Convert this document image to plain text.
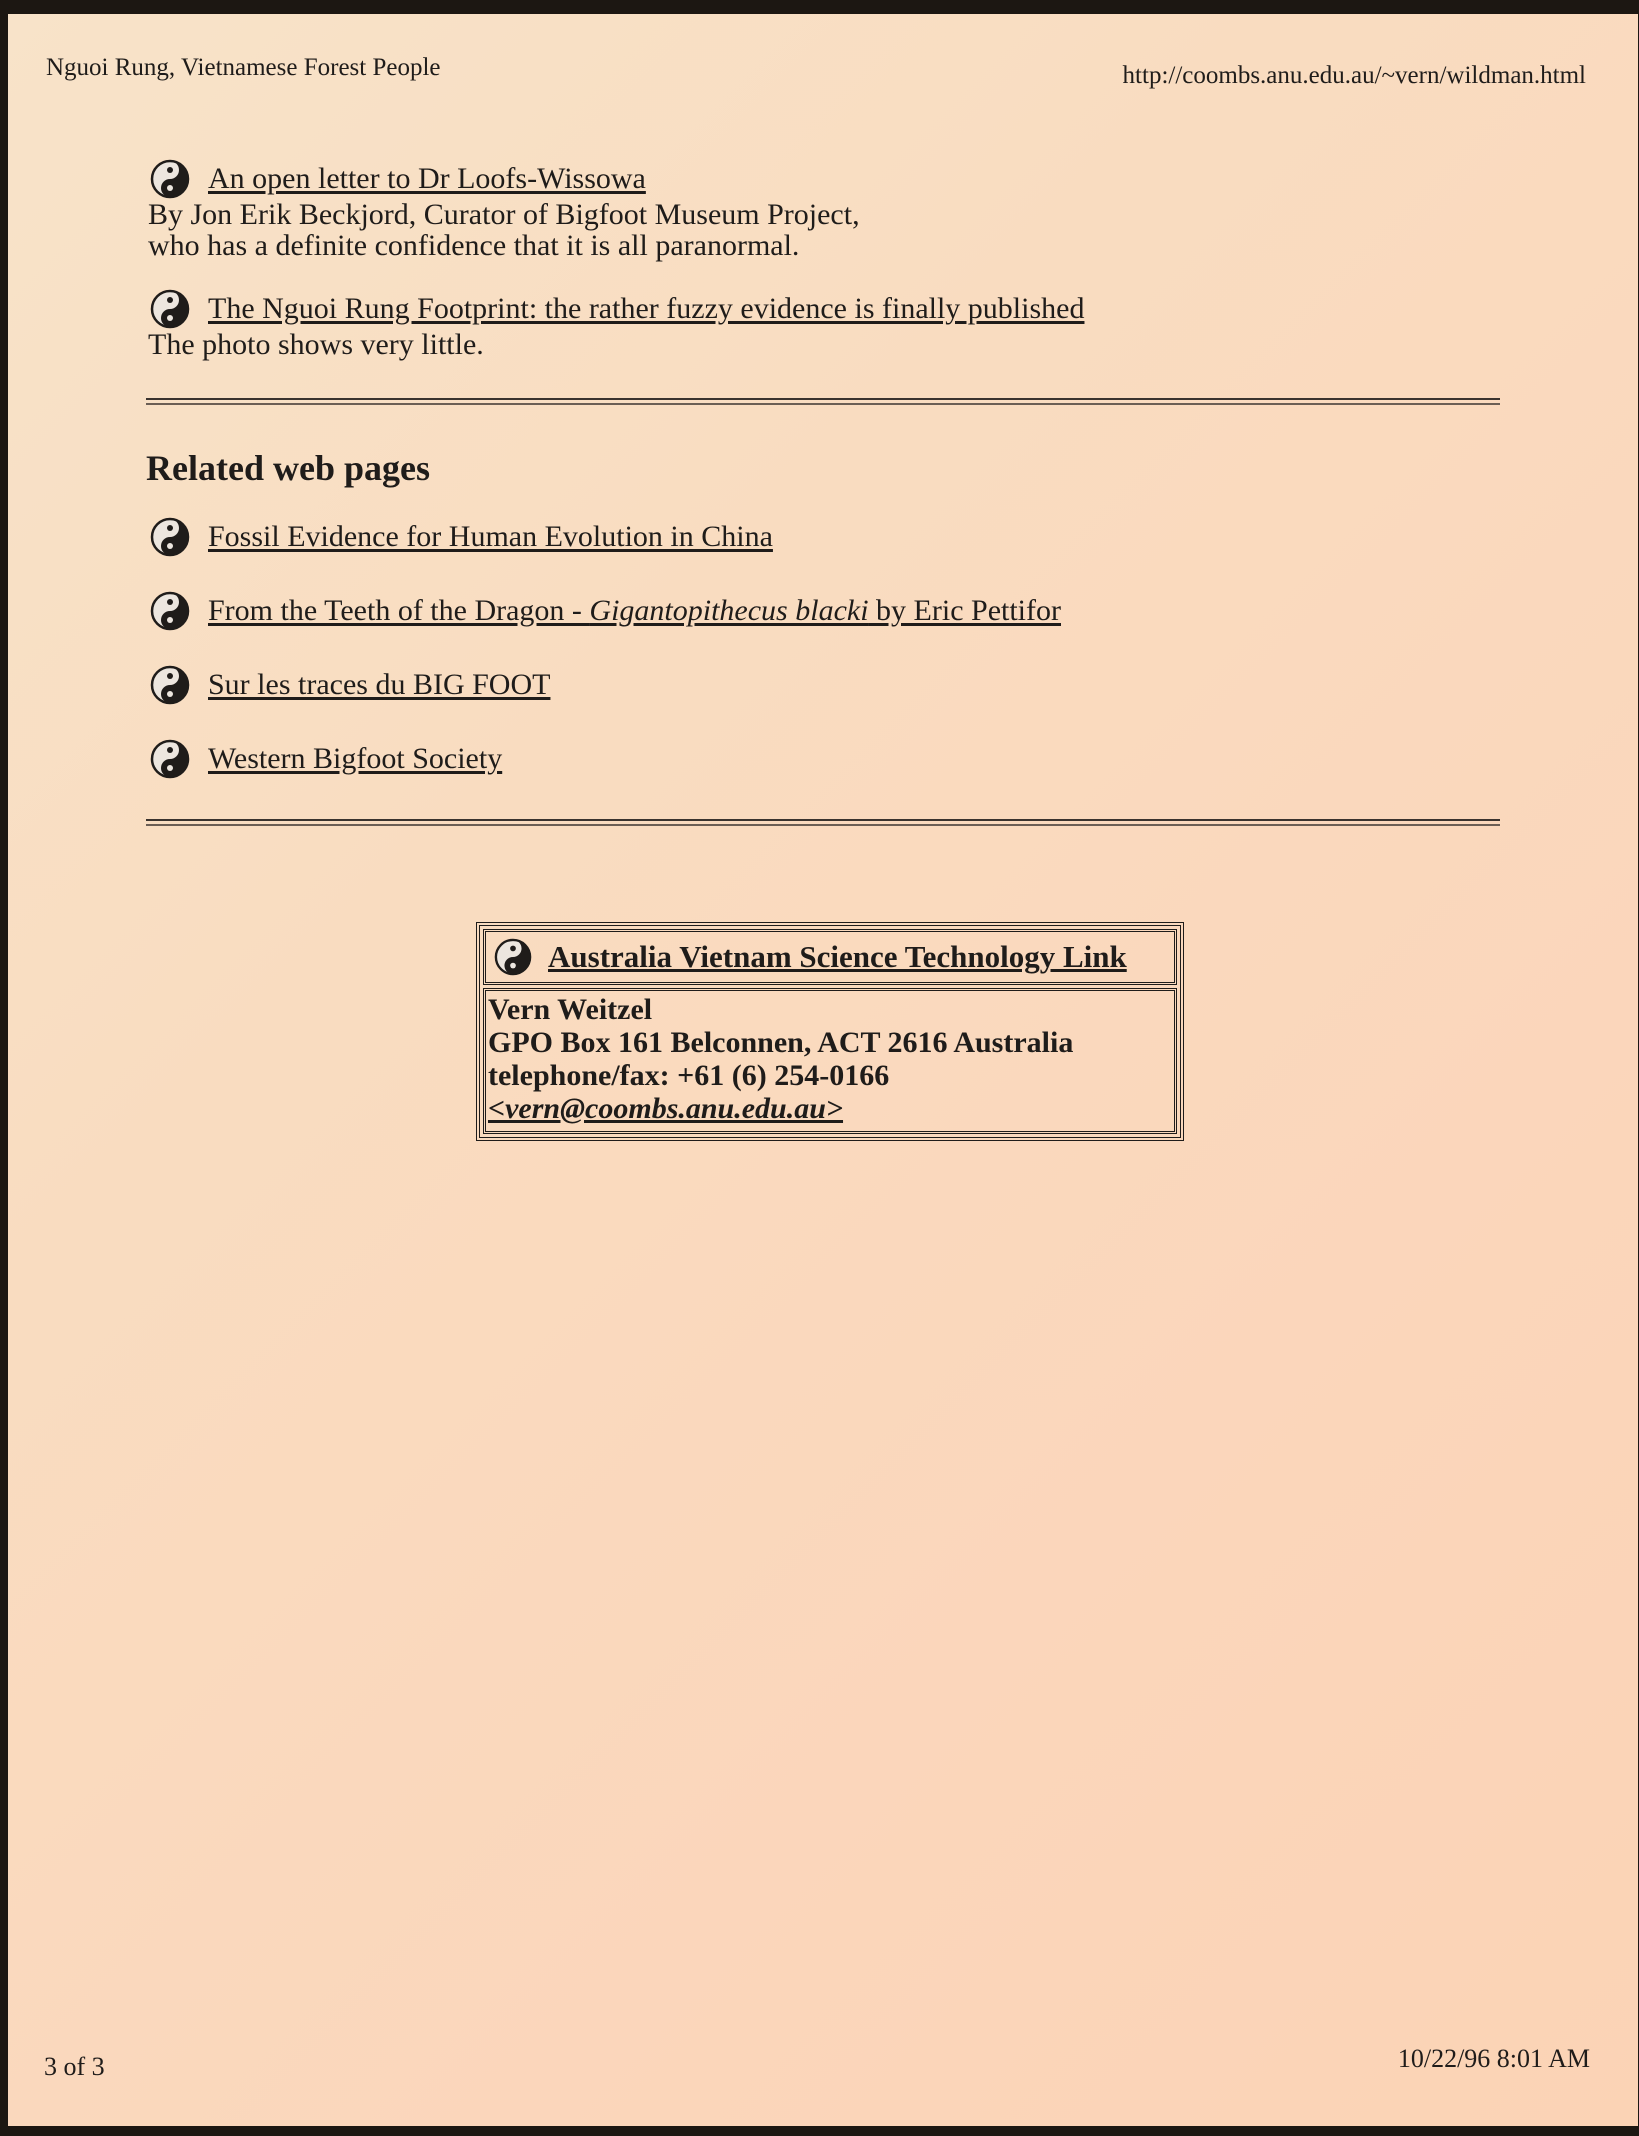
Nguoi Rung, Vietnamese Forest People	http://coombs.anu.edu.au/~vern/wildman.html
An open letter to Dr Loofs-Wissowa
By Jon Erik Beckjord, Curator of Bigfoot Museum Project,
who has a definite confidence that it is all paranormal.
The Nguoi Rung Footprint: the rather fuzzy evidence is finally published
The photo shows very little.
Related web pages
Fossil Evidence for Human Evolution in China
From the Teeth of the Dragon - Gigantopithecus blacki by Eric Pettifor
Sur les traces du BIG FOOT
Western Bigfoot Society
Australia Vietnam Science Technology Link
Vern Weitzel
GPO Box 161 Belconnen, ACT 2616 Australia
telephone/fax: +61 (6) 254-0166
<vern@coombs.anu.edu.au>
3 of 3	10/22/96 8:01 AM
